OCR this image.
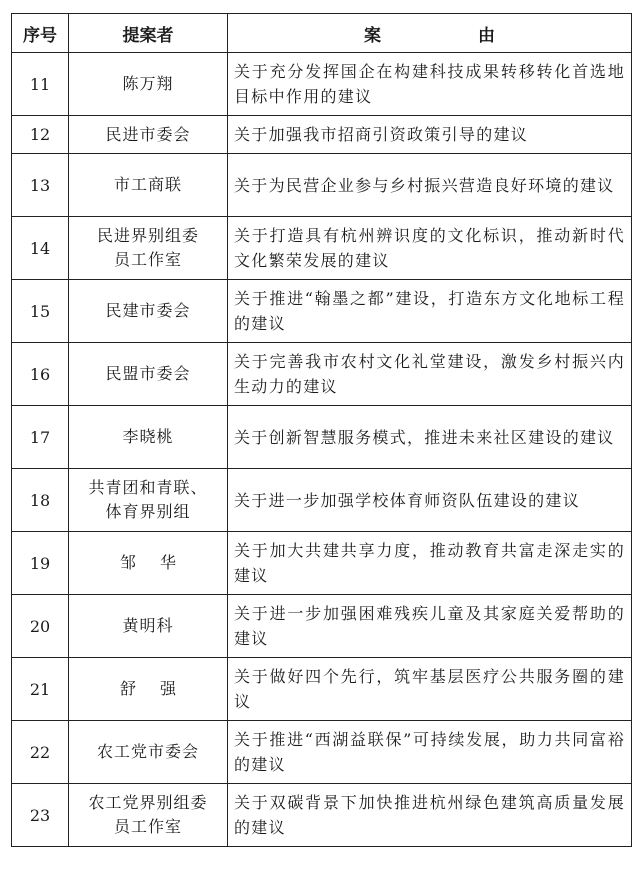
序号	提案者	案　由
11	陈万翔	关于充分发挥国企在构建科技成果转移转化首选地目标中作用的建议
12	民进市委会	关于加强我市招商引资政策引导的建议
13	市工商联	关于为民营企业参与乡村振兴营造良好环境的建议
14	民进界别组委员工作室	关于打造具有杭州辨识度的文化标识，推动新时代文化繁荣发展的建议
15	民建市委会	关于推进“翰墨之都”建设，打造东方文化地标工程的建议
16	民盟市委会	关于完善我市农村文化礼堂建设，激发乡村振兴内生动力的建议
17	李晓桃	关于创新智慧服务模式，推进未来社区建设的建议
18	共青团和青联、体育界别组	关于进一步加强学校体育师资队伍建设的建议
19	邹华	关于加大共建共享力度，推动教育共富走深走实的建议
20	黄明科	关于进一步加强困难残疾儿童及其家庭关爱帮助的建议
21	舒强	关于做好四个先行，筑牢基层医疗公共服务圈的建议
22	农工党市委会	关于推进“西湖益联保”可持续发展，助力共同富裕的建议
23	农工党界别组委员工作室	关于双碳背景下加快推进杭州绿色建筑高质量发展的建议
